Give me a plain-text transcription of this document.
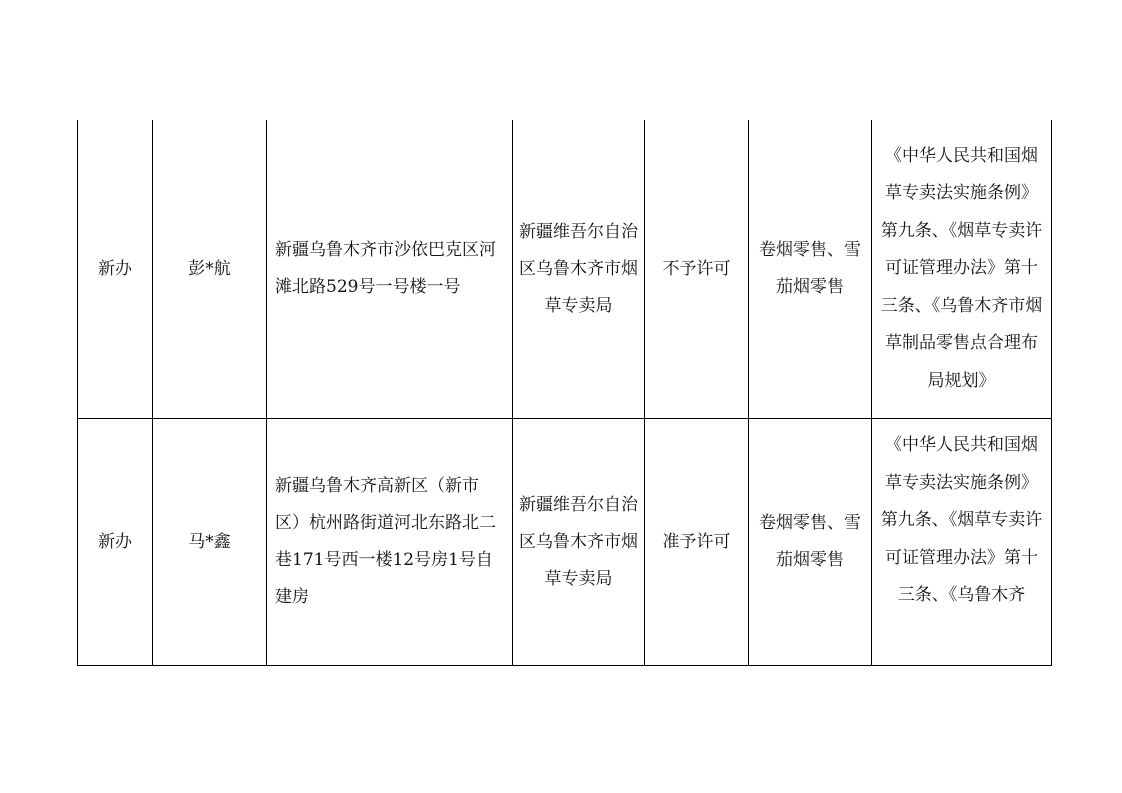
新办	彭*航	新疆乌鲁木齐市沙依巴克区河滩北路529号一号楼一号	新疆维吾尔自治区乌鲁木齐市烟草专卖局	不予许可	卷烟零售、雪茄烟零售	《中华人民共和国烟草专卖法实施条例》第九条、《烟草专卖许可证管理办法》第十三条、《乌鲁木齐市烟草制品零售点合理布局规划》

新办	马*鑫	新疆乌鲁木齐高新区（新市区）杭州路街道河北东路北二巷171号西一楼12号房1号自建房	新疆维吾尔自治区乌鲁木齐市烟草专卖局	准予许可	卷烟零售、雪茄烟零售	《中华人民共和国烟草专卖法实施条例》第九条、《烟草专卖许可证管理办法》第十三条、《乌鲁木齐
